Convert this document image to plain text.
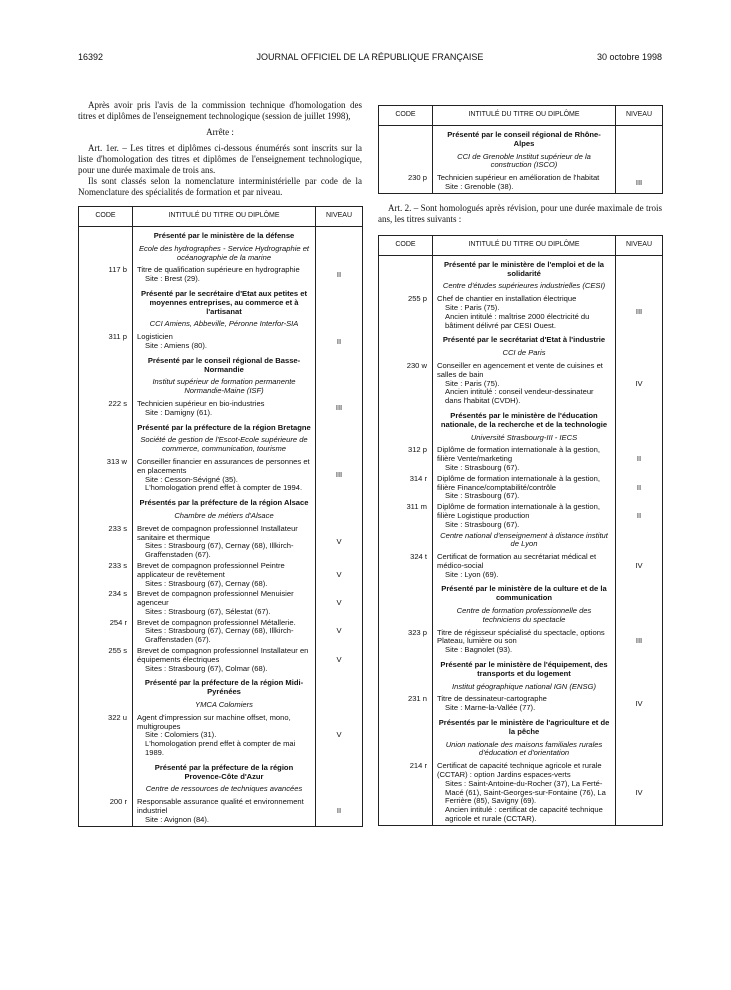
16392	JOURNAL OFFICIEL DE LA RÉPUBLIQUE FRANÇAISE	30 octobre 1998

Après avoir pris l'avis de la commission technique d'homologation des titres et diplômes de l'enseignement technologique (session de juillet 1998),

Arrête :

Art. 1er. – Les titres et diplômes ci-dessous énumérés sont inscrits sur la liste d'homologation des titres et diplômes de l'enseignement technologique, pour une durée maximale de trois ans.

Ils sont classés selon la nomenclature interministérielle par code de la Nomenclature des spécialités de formation et par niveau.

CODE	INTITULÉ DU TITRE OU DIPLÔME	NIVEAU
	Présenté par le ministère de la défense	
	Ecole des hydrographes - Service Hydrographie et océanographie de la marine	
117 b	Titre de qualification supérieure en hydrographie
Site : Brest (29).	II
	Présenté par le secrétaire d'Etat aux petites et moyennes entreprises, au commerce et à l'artisanat	
	CCI Amiens, Abbeville, Péronne Interfor-SIA	
311 p	Logisticien
Site : Amiens (80).	II
	Présenté par le conseil régional de Basse-Normandie	
	Institut supérieur de formation permanente Normandie-Maine (ISF)	
222 s	Technicien supérieur en bio-industries
Site : Damigny (61).	III
	Présenté par la préfecture de la région Bretagne	
	Société de gestion de l'Escot-Ecole supérieure de commerce, communication, tourisme	
313 w	Conseiller financier en assurances de personnes et en placements
Site : Cesson-Sévigné (35).
L'homologation prend effet à compter de 1994.	III
	Présentés par la préfecture de la région Alsace	
	Chambre de métiers d'Alsace	
233 s	Brevet de compagnon professionnel Installateur sanitaire et thermique
Sites : Strasbourg (67), Cernay (68), Illkirch-Graffenstaden (67).	V
233 s	Brevet de compagnon professionnel Peintre applicateur de revêtement
Sites : Strasbourg (67), Cernay (68).	V
234 s	Brevet de compagnon professionnel Menuisier agenceur
Sites : Strasbourg (67), Sélestat (67).	V
254 r	Brevet de compagnon professionnel Métallerie.
Sites : Strasbourg (67), Cernay (68), Illkirch-Graffenstaden (67).	V
255 s	Brevet de compagnon professionnel Installateur en équipements électriques
Sites : Strasbourg (67), Colmar (68).	V
	Présenté par la préfecture de la région Midi-Pyrénées	
	YMCA Colomiers	
322 u	Agent d'impression sur machine offset, mono, multigroupes
Site : Colomiers (31).
L'homologation prend effet à compter de mai 1989.	V
	Présenté par la préfecture de la région Provence-Côte d'Azur	
	Centre de ressources de techniques avancées	
200 r	Responsable assurance qualité et environnement industriel
Site : Avignon (84).	II
CODE	INTITULÉ DU TITRE OU DIPLÔME	NIVEAU
	Présenté par le conseil régional de Rhône-Alpes	
	CCI de Grenoble Institut supérieur de la construction (ISCO)	
230 p	Technicien supérieur en amélioration de l'habitat
Site : Grenoble (38).	III

Art. 2. – Sont homologués après révision, pour une durée maximale de trois ans, les titres suivants :

CODE	INTITULÉ DU TITRE OU DIPLÔME	NIVEAU
	Présenté par le ministère de l'emploi et de la solidarité	
	Centre d'études supérieures industrielles (CESI)	
255 p	Chef de chantier en installation électrique
Site : Paris (75).
Ancien intitulé : maîtrise 2000 électricité du bâtiment délivré par CESI Ouest.	III
	Présenté par le secrétariat d'Etat à l'industrie	
	CCI de Paris	
230 w	Conseiller en agencement et vente de cuisines et salles de bain
Site : Paris (75).
Ancien intitulé : conseil vendeur-dessinateur dans l'habitat (CVDH).	IV
	Présentés par le ministère de l'éducation nationale, de la recherche et de la technologie	
	Université Strasbourg-III - IECS	
312 p	Diplôme de formation internationale à la gestion, filière Vente/marketing
Site : Strasbourg (67).	II
314 r	Diplôme de formation internationale à la gestion, filière Finance/comptabilité/contrôle
Site : Strasbourg (67).	II
311 m	Diplôme de formation internationale à la gestion, filière Logistique production
Site : Strasbourg (67).	II
	Centre national d'enseignement à distance institut de Lyon	
324 t	Certificat de formation au secrétariat médical et médico-social
Site : Lyon (69).	IV
	Présenté par le ministère de la culture et de la communication	
	Centre de formation professionnelle des techniciens du spectacle	
323 p	Titre de régisseur spécialisé du spectacle, options Plateau, lumière ou son
Site : Bagnolet (93).	III
	Présenté par le ministère de l'équipement, des transports et du logement	
	Institut géographique national IGN (ENSG)	
231 n	Titre de dessinateur-cartographe
Site : Marne-la-Vallée (77).	IV
	Présentés par le ministère de l'agriculture et de la pêche	
	Union nationale des maisons familiales rurales d'éducation et d'orientation	
214 r	Certificat de capacité technique agricole et rurale (CCTAR) : option Jardins espaces-verts
Sites : Saint-Antoine-du-Rocher (37), La Ferté-Macé (61), Saint-Georges-sur-Fontaine (76), La Ferrière (85), Savigny (69).
Ancien intitulé : certificat de capacité technique agricole et rurale (CCTAR).	IV
